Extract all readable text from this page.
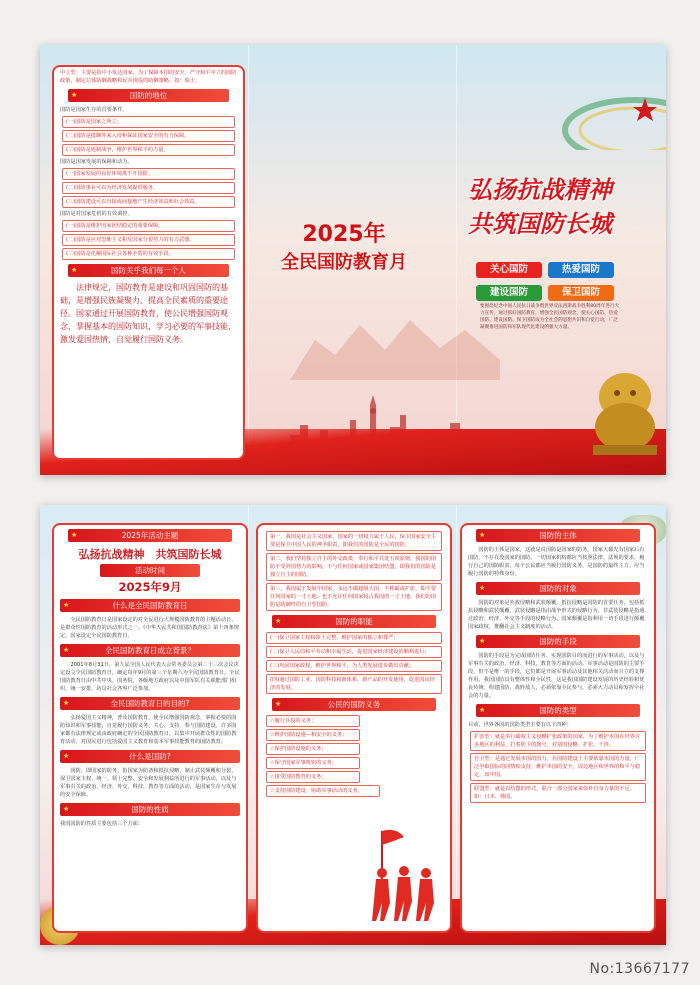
中立型：主要是指中小发达国家。为了保障本国的安全，严守和平中立的国防政策，制定总体防御战略和民兵现役的防御策略。如：瑞士。
★	国防的地位
国防是国家生存的首要条件。
(一)国防是国家之所立；
(二)国防是抵御外来入侵和保证国家安全的有力保障。
(三)国防是遏制战争，维护世界和平的力量。
国防是国家发展的保障和动力。
(一)国家发展的良好环境离不开国防。
(二)国防事业可以为经济发展提供服务。
(三)国防建设可以直接或间接地产生经济效益和社会效益。
国防是对国家危机的有效调控。
(一)国防是维护国家团结稳定的重要保障。
(二)国防是应对恐怖主义和反国家分裂势力的有力武器。
(三)国防是化解国际社会各种矛盾的有效手段。
★	国防关乎我们每一个人
法律规定，国防教育是建设和巩固国防的基础，是增强民族凝聚力、提高全民素质的重要途径。国家通过开展国防教育，使公民增强国防观念，掌握基本的国防知识，学习必要的军事技能，激发爱国热情，自觉履行国防义务。
2025年
全民国防教育月
弘扬抗战精神
共筑国防长城
关心国防	热爱国防
建设国防	保卫国防
要围绕纪念中国人民抗日战争暨世界反法西斯战争胜利80周年进行大力宣传，通过抓好国防教育，增强全民国防观念，使关心国防、热爱国防、建设国防、保卫国防成为全社会的思想共识和自觉行动，厂泛凝聚推进国防和军队现代化建设的强大力量。
★	2025年活动主题
弘扬抗战精神　共筑国防长城
活动时间
2025年9月
★	什么是全民国防教育日
全民国防教育日是国家设定的对全民进行大规模国防教育的主题活动日，是群众性国防教育的活动形式之一。《中华人民共和国国防教育法》第十四条规定，国家设定全民国防教育日。
★	全民国防教育日成立背景？
2001年8月31日，第九届全国人民代表大会常务委员会第二十三次会议决定设立全民国防教育日，确定每年9月的第三个星期六为全民国防教育日。全民国防教育日由中共中央、国务院、各级地方政府以及中国军队有关职能部门组织，统一安排，坊员社会各界广泛参加。
★	全民国防教育日的目的?
弘扬爱国主义精神，普及国防教育，使全民增强国防观念，掌握必要的国防知识和军事技能，自觉履行国防义务，关心、支持、参与国防建设。许多国家都有法律规定或由政府确定的全民国防教育日，以集中开展群众性的国防教育活动，对国民进行包括爱国主义教育和基本军事技能教育的国防教育。
★	什么是国防?
国防，即国家的防务。指国家为防备和抵抗侵略，制止武装颠覆和分裂，保卫国家主权、统一、领土完整、安全和发展利益所进行的军事活动，以及与军事有关的政治、经济、外交、科技、教育等方面的活动，是国家生存与发展的安全保障。
★	国防的性质
我国国防的性质主要包括三个方面：
第一，我国是社会主义国家，国家的一切权力属于人民，保卫国家安全主要是保卫中国人民的神圣职责，即我们的国防是全民的国防。
第二，我们坚持独立自主的外交政策，奉行和平共处五项原则，我国的国防不受外国势力的影响，不与任何国家或国家集团结盟，即我们的国防是独立自主的国防。
第三，我国属于发展中国家，永远不做超级大国，不称霸或扩张，即不要任何国家的一寸土地，也不允许任何国家侵占我国的一寸土地，我们的国防是防御性的自卫型国防。
★	国防的职能
(一)保卫国家主权和领土完整，维护国家的独立和尊严；
(二)保卫人民的和平劳动和幸福生活，促进国家经济建设的顺利进行；
(三)巩固国家政权，维护世界和平，为人类发展进步做出贡献；
(四)通过国防工业、国防科技和新体系、新产品的开发使用，促进国民经济的发展。
★	公民的国防义务
☆履行兵役的义务；
☆维护国防设施—和安全的义务；
☆保护国防设施的义务；
☆保守国家军事机密的义务；
☆接受国防教育的义务；
☆支持国防建设、协助军事活动的义务。
★	国防的主体
国防的主体是国家，这就是说国防是国家的防务。国家大都先有国家后有国防，不存在没国家的国防。一切国家机构都应当按照法律、法规的要求，履行自己的国防职责，每个公民都应当履行国防义务，是国防的最终主力。应当履行国防的特殊身份。
★	国防的对象
国防的对象是外敌侵略和武装颠覆。抵抗侵略是国防的首要任务，包括抵抗侵略和武装颠覆，武装侵略是指由战争形式的侵略行为，非武装侵略是指通过政治、经济、外交等手段的侵略行为。国家颠覆是指利用一切手段进行颠覆国家政权、推翻社会主义制度的活动。
★	国防的手段
国防的手段是为完成国防任务、实现国防目的而进行的军事活动，以及与军事有关的政治、经济、科技、教育等方面的活动。军事活动是国防的主要手段，但不是唯一的手段，它们都是开展军事活动及其他相关活动而且立的支撑作用。我国国防具有整体性和全民性，这是我国国防建设发展的历史经验和优良传统。构建国防，战胜敌人，必须依靠全民参与，必须大力动员和发挥全社会的力量。
★	国防的类型
目前，世界各国的国防类型主要有以下四种：
扩张型：就是奉行霸权主义侵略扩张政策的国家，为了维护本国在世界许多地区的利益，打着防卫的旗号，对别国侵略、扩张、干涉。
自卫型：是通过发展本国的国力，在国防建设上主要依靠本国的力量，广泛争取国际的同情和支持，维护本国的安全，周边地区和世界的和平与稳定。如中国。
联盟型：就是以结盟的形式，联合一部分国家来弥补自身力量的不足。如：日本、韩国。
No:13667177
